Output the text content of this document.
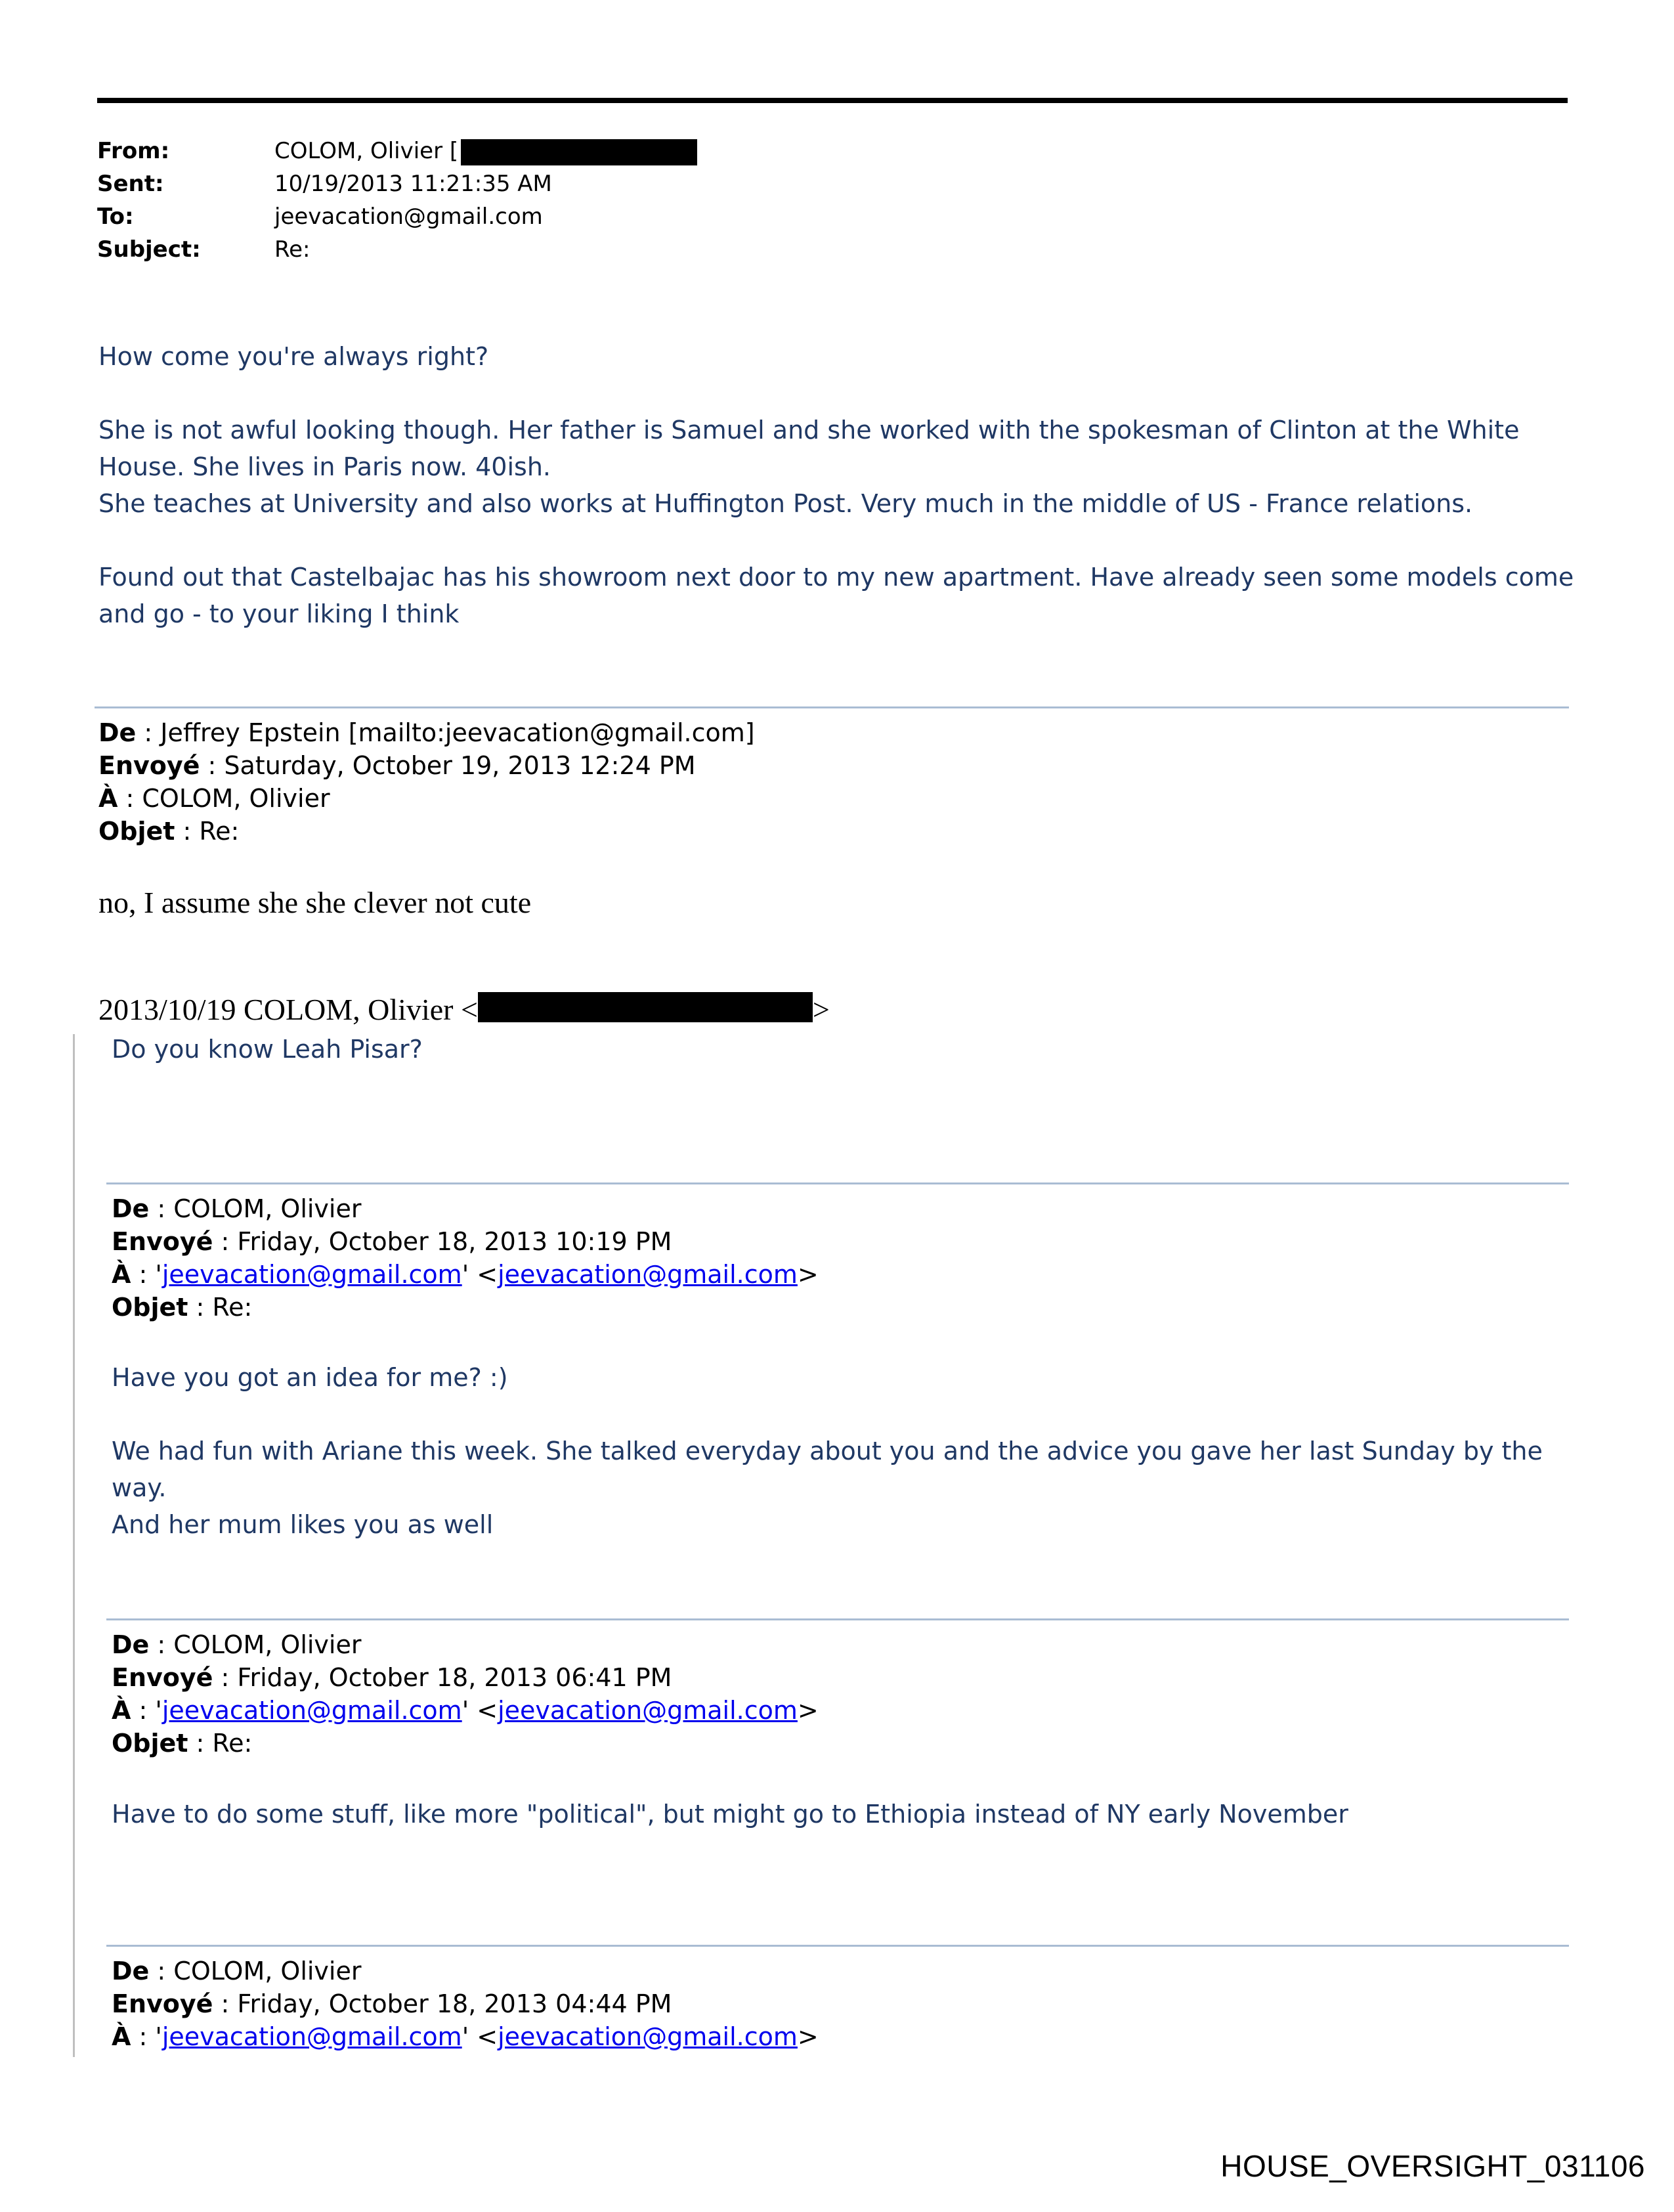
From:	COLOM, Olivier [
Sent:	10/19/2013 11:21:35 AM
To:	jeevacation@gmail.com
Subject:	Re:

How come you're always right?

She is not awful looking though. Her father is Samuel and she worked with the spokesman of Clinton at the White

House. She lives in Paris now. 40ish.

She teaches at University and also works at Huffington Post. Very much in the middle of US - France relations.

Found out that Castelbajac has his showroom next door to my new apartment. Have already seen some models come

and go - to your liking I think

De : Jeffrey Epstein [mailto:jeevacation@gmail.com]
Envoyé : Saturday, October 19, 2013 12:24 PM
À : COLOM, Olivier
Objet : Re:
no, I assume she she clever not cute
2013/10/19 COLOM, Olivier <	>
Do you know Leah Pisar?
De : COLOM, Olivier
Envoyé : Friday, October 18, 2013 10:19 PM
À : 'jeevacation@gmail.com' <jeevacation@gmail.com>
Objet : Re:

Have you got an idea for me? :)

We had fun with Ariane this week. She talked everyday about you and the advice you gave her last Sunday by the way.

And her mum likes you as well

De : COLOM, Olivier
Envoyé : Friday, October 18, 2013 06:41 PM
À : 'jeevacation@gmail.com' <jeevacation@gmail.com>
Objet : Re:

Have to do some stuff, like more "political", but might go to Ethiopia instead of NY early November

De : COLOM, Olivier
Envoyé : Friday, October 18, 2013 04:44 PM
À : 'jeevacation@gmail.com' <jeevacation@gmail.com>
HOUSE_OVERSIGHT_031106
